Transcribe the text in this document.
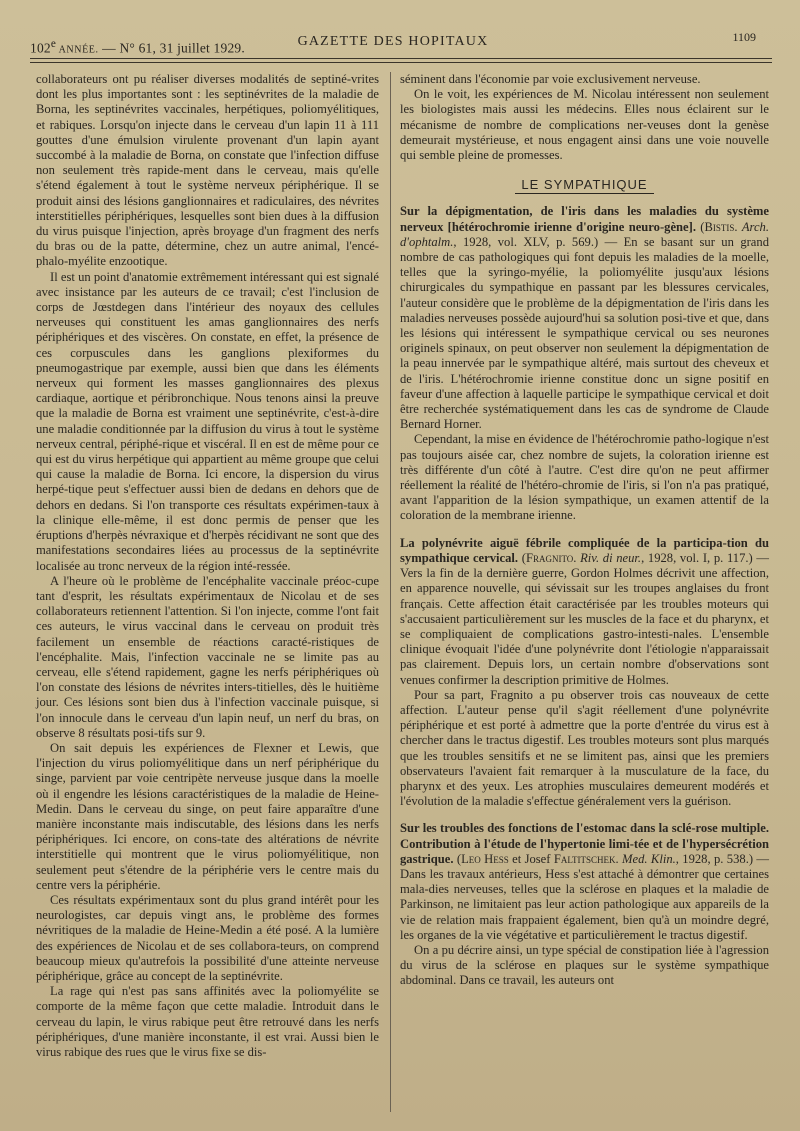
102e ANNÉE. — N° 61, 31 juillet 1929.	GAZETTE DES HOPITAUX	1109

collaborateurs ont pu réaliser diverses modalités de septiné-vrites dont les plus importantes sont : les septinévrites de la maladie de Borna, les septinévrites vaccinales, herpétiques, poliomyélitiques, et rabiques. Lorsqu'on injecte dans le cerveau d'un lapin 11 à 111 gouttes d'une émulsion virulente provenant d'un lapin ayant succombé à la maladie de Borna, on constate que l'infection diffuse non seulement très rapide-ment dans le cerveau, mais qu'elle s'étend également à tout le système nerveux périphérique. Il se produit ainsi des lésions ganglionnaires et radiculaires, des névrites interstitielles périphériques, lesquelles sont bien dues à la diffusion du virus puisque l'injection, après broyage d'un fragment des nerfs du bras ou de la patte, détermine, chez un autre animal, l'encé-phalo-myélite enzootique.

Il est un point d'anatomie extrêmement intéressant qui est signalé avec insistance par les auteurs de ce travail; c'est l'inclusion de corps de Jœstdegen dans l'intérieur des noyaux des cellules nerveuses qui constituent les amas ganglionnaires des nerfs périphériques et des viscères. On constate, en effet, la présence de ces corpuscules dans les ganglions plexiformes du pneumogastrique par exemple, aussi bien que dans les éléments nerveux qui forment les masses ganglionnaires des plexus cardiaque, aortique et péribronchique. Nous tenons ainsi la preuve que la maladie de Borna est vraiment une septinévrite, c'est-à-dire une maladie conditionnée par la diffusion du virus à tout le système nerveux central, périphé-rique et viscéral. Il en est de même pour ce qui est du virus herpétique qui appartient au même groupe que celui qui cause la maladie de Borna. Ici encore, la dispersion du virus herpé-tique peut s'effectuer aussi bien de dedans en dehors que de dehors en dedans. Si l'on transporte ces résultats expérimen-taux à la clinique elle-même, il est donc permis de penser que les éruptions d'herpès névraxique et d'herpès récidivant ne sont que des manifestations secondaires liées au processus de la septinévrite localisée au tronc nerveux de la région inté-ressée.

A l'heure où le problème de l'encéphalite vaccinale préoc-cupe tant d'esprit, les résultats expérimentaux de Nicolau et de ses collaborateurs retiennent l'attention. Si l'on injecte, comme l'ont fait ces auteurs, le virus vaccinal dans le cerveau on produit très facilement un ensemble de réactions caracté-ristiques de l'encéphalite. Mais, l'infection vaccinale ne se limite pas au cerveau, elle s'étend rapidement, gagne les nerfs périphériques où l'on constate des lésions de névrites inters-titielles, dès le huitième jour. Ces lésions sont bien dus à l'infection vaccinale puisque, si l'on innocule dans le cerveau d'un lapin neuf, un nerf du bras, on observe 8 résultats posi-tifs sur 9.

On sait depuis les expériences de Flexner et Lewis, que l'injection du virus poliomyélitique dans un nerf périphérique du singe, parvient par voie centripète nerveuse jusque dans la moelle où il engendre les lésions caractéristiques de la maladie de Heine-Medin. Dans le cerveau du singe, on peut faire apparaître d'une manière inconstante mais indiscutable, des lésions dans les nerfs périphériques. Ici encore, on cons-tate des altérations de névrite interstitielle qui montrent que le virus poliomyélitique, non seulement peut s'étendre de la périphérie vers le centre mais du centre vers la périphérie.

Ces résultats expérimentaux sont du plus grand intérêt pour les neurologistes, car depuis vingt ans, le problème des formes névritiques de la maladie de Heine-Medin a été posé. A la lumière des expériences de Nicolau et de ses collabora-teurs, on comprend beaucoup mieux qu'autrefois la possibilité d'une atteinte nerveuse périphérique, grâce au concept de la septinévrite.

La rage qui n'est pas sans affinités avec la poliomyélite se comporte de la même façon que cette maladie. Introduit dans le cerveau du lapin, le virus rabique peut être retrouvé dans les nerfs périphériques, d'une manière inconstante, il est vrai. Aussi bien le virus rabique des rues que le virus fixe se dis-

séminent dans l'économie par voie exclusivement nerveuse.

On le voit, les expériences de M. Nicolau intéressent non seulement les biologistes mais aussi les médecins. Elles nous éclairent sur le mécanisme de nombre de complications ner-veuses dont la genèse demeurait mystérieuse, et nous engagent ainsi dans une voie nouvelle qui semble pleine de promesses.

LE SYMPATHIQUE

Sur la dépigmentation, de l'iris dans les maladies du système nerveux [hétérochromie irienne d'origine neuro-gène]. (Bistis. Arch. d'ophtalm., 1928, vol. XLV, p. 569.) — En se basant sur un grand nombre de cas pathologiques qui font depuis les maladies de la moelle, telles que la syringo-myélie, la poliomyélite jusqu'aux lésions chirurgicales du sympathique en passant par les blessures cervicales, l'auteur considère que le problème de la dépigmentation de l'iris dans les maladies nerveuses possède aujourd'hui sa solution posi-tive et que, dans les lésions qui intéressent le sympathique cervical ou ses neurones originels spinaux, on peut observer non seulement la dépigmentation de la peau innervée par le sympathique altéré, mais surtout des cheveux et de l'iris. L'hétérochromie irienne constitue donc un signe positif en faveur d'une affection à laquelle participe le sympathique cervical et doit être recherchée systématiquement dans les cas de syndrome de Claude Bernard Horner.

Cependant, la mise en évidence de l'hétérochromie patho-logique n'est pas toujours aisée car, chez nombre de sujets, la coloration irienne est très différente d'un côté à l'autre. C'est dire qu'on ne peut affirmer réellement la réalité de l'hétéro-chromie de l'iris, si l'on n'a pas pratiqué, avant l'apparition de la lésion sympathique, un examen attentif de la coloration de la membrane irienne.

La polynévrite aiguë fébrile compliquée de la participa-tion du sympathique cervical. (Fragnito. Riv. di neur., 1928, vol. I, p. 117.) — Vers la fin de la dernière guerre, Gordon Holmes décrivit une affection, en apparence nouvelle, qui sévissait sur les troupes anglaises du front français. Cette affection était caractérisée par les troubles moteurs qui s'accusaient particulièrement sur les muscles de la face et du pharynx, et se compliquaient de complications gastro-intesti-nales. L'ensemble clinique évoquait l'idée d'une polynévrite dont l'étiologie n'apparaissait pas clairement. Depuis lors, un certain nombre d'observations sont venues confirmer la description primitive de Holmes.

Pour sa part, Fragnito a pu observer trois cas nouveaux de cette affection. L'auteur pense qu'il s'agit réellement d'une polynévrite périphérique et est porté à admettre que la porte d'entrée du virus est à chercher dans le tractus digestif. Les troubles moteurs sont plus marqués que les troubles sensitifs et ne se limitent pas, ainsi que les premiers observateurs l'avaient fait remarquer à la musculature de la face, du pharynx et des yeux. Les atrophies musculaires demeurent modérés et l'évolution de la maladie s'effectue généralement vers la guérison.

Sur les troubles des fonctions de l'estomac dans la sclé-rose multiple. Contribution à l'étude de l'hypertonie limi-tée et de l'hypersécrétion gastrique. (Leo Hess et Josef Faltitschek. Med. Klin., 1928, p. 538.) — Dans les travaux antérieurs, Hess s'est attaché à démontrer que certaines mala-dies nerveuses, telles que la sclérose en plaques et la maladie de Parkinson, ne limitaient pas leur action pathologique aux appareils de la vie de relation mais frappaient également, bien qu'à un moindre degré, les organes de la vie végétative et particulièrement le tractus digestif.

On a pu décrire ainsi, un type spécial de constipation liée à l'agression du virus de la sclérose en plaques sur le système sympathique abdominal. Dans ce travail, les auteurs ont
